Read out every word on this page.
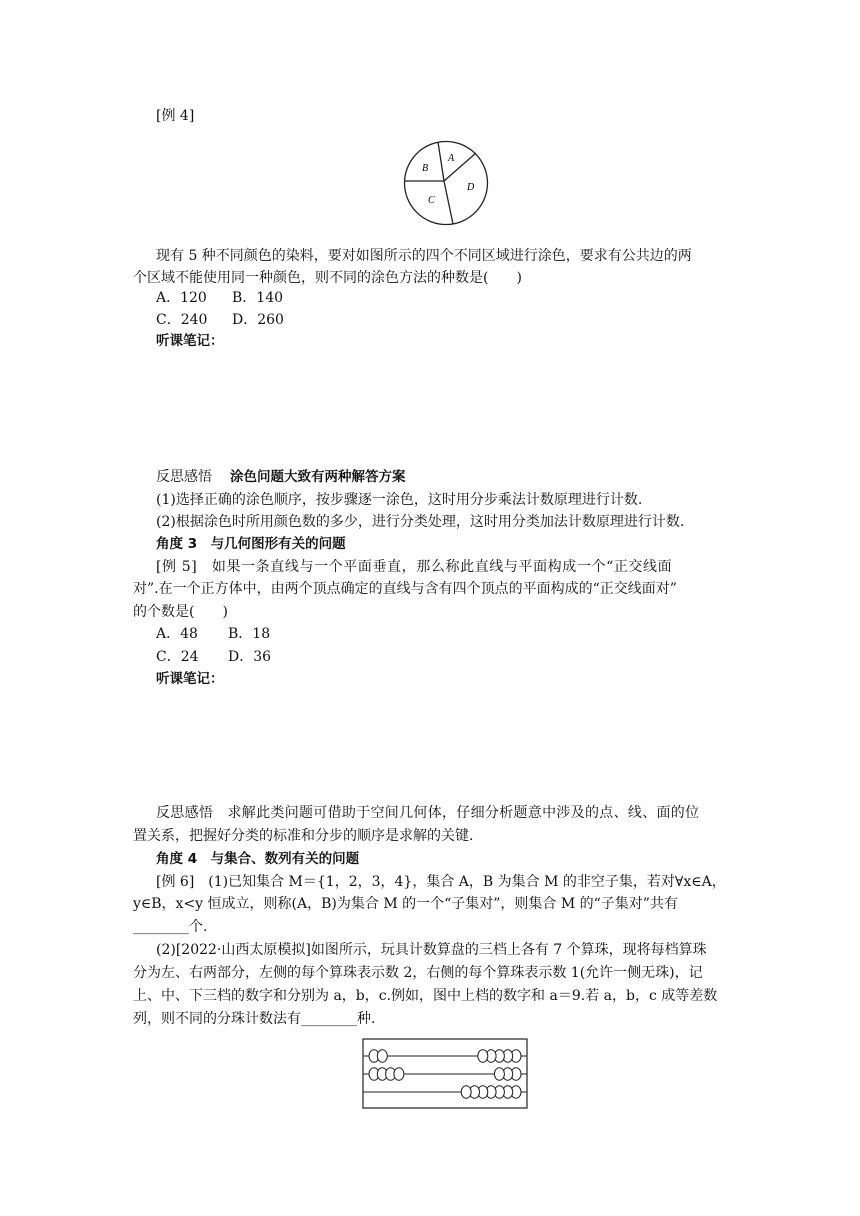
[例 4]
A
B
C
D
现有 5 种不同颜色的染料，要对如图所示的四个不同区域进行涂色，要求有公共边的两
个区域不能使用同一种颜色，则不同的涂色方法的种数是(　　)
A．120 B．140
C．240 D．260
听课笔记：
反思感悟 涂色问题大致有两种解答方案
(1)选择正确的涂色顺序，按步骤逐一涂色，这时用分步乘法计数原理进行计数.
(2)根据涂色时所用颜色数的多少，进行分类处理，这时用分类加法计数原理进行计数.
角度 3　与几何图形有关的问题
[例 5]　如果一条直线与一个平面垂直，那么称此直线与平面构成一个“正交线面
对”.在一个正方体中，由两个顶点确定的直线与含有四个顶点的平面构成的“正交线面对”
的个数是(　　)
A．48 B．18
C．24 D．36
听课笔记：
反思感悟　求解此类问题可借助于空间几何体，仔细分析题意中涉及的点、线、面的位
置关系，把握好分类的标准和分步的顺序是求解的关键.
角度 4　与集合、数列有关的问题
[例 6]　(1)已知集合 M＝{1，2，3，4}，集合 A，B 为集合 M 的非空子集，若对∀x∈A，
y∈B，x<y 恒成立，则称(A，B)为集合 M 的一个“子集对”，则集合 M 的“子集对”共有
________个.
(2)[2022·山西太原模拟]如图所示，玩具计数算盘的三档上各有 7 个算珠，现将每档算珠
分为左、右两部分，左侧的每个算珠表示数 2，右侧的每个算珠表示数 1(允许一侧无珠)，记
上、中、下三档的数字和分别为 a，b，c.例如，图中上档的数字和 a＝9.若 a，b，c 成等差数
列，则不同的分珠计数法有________种.
